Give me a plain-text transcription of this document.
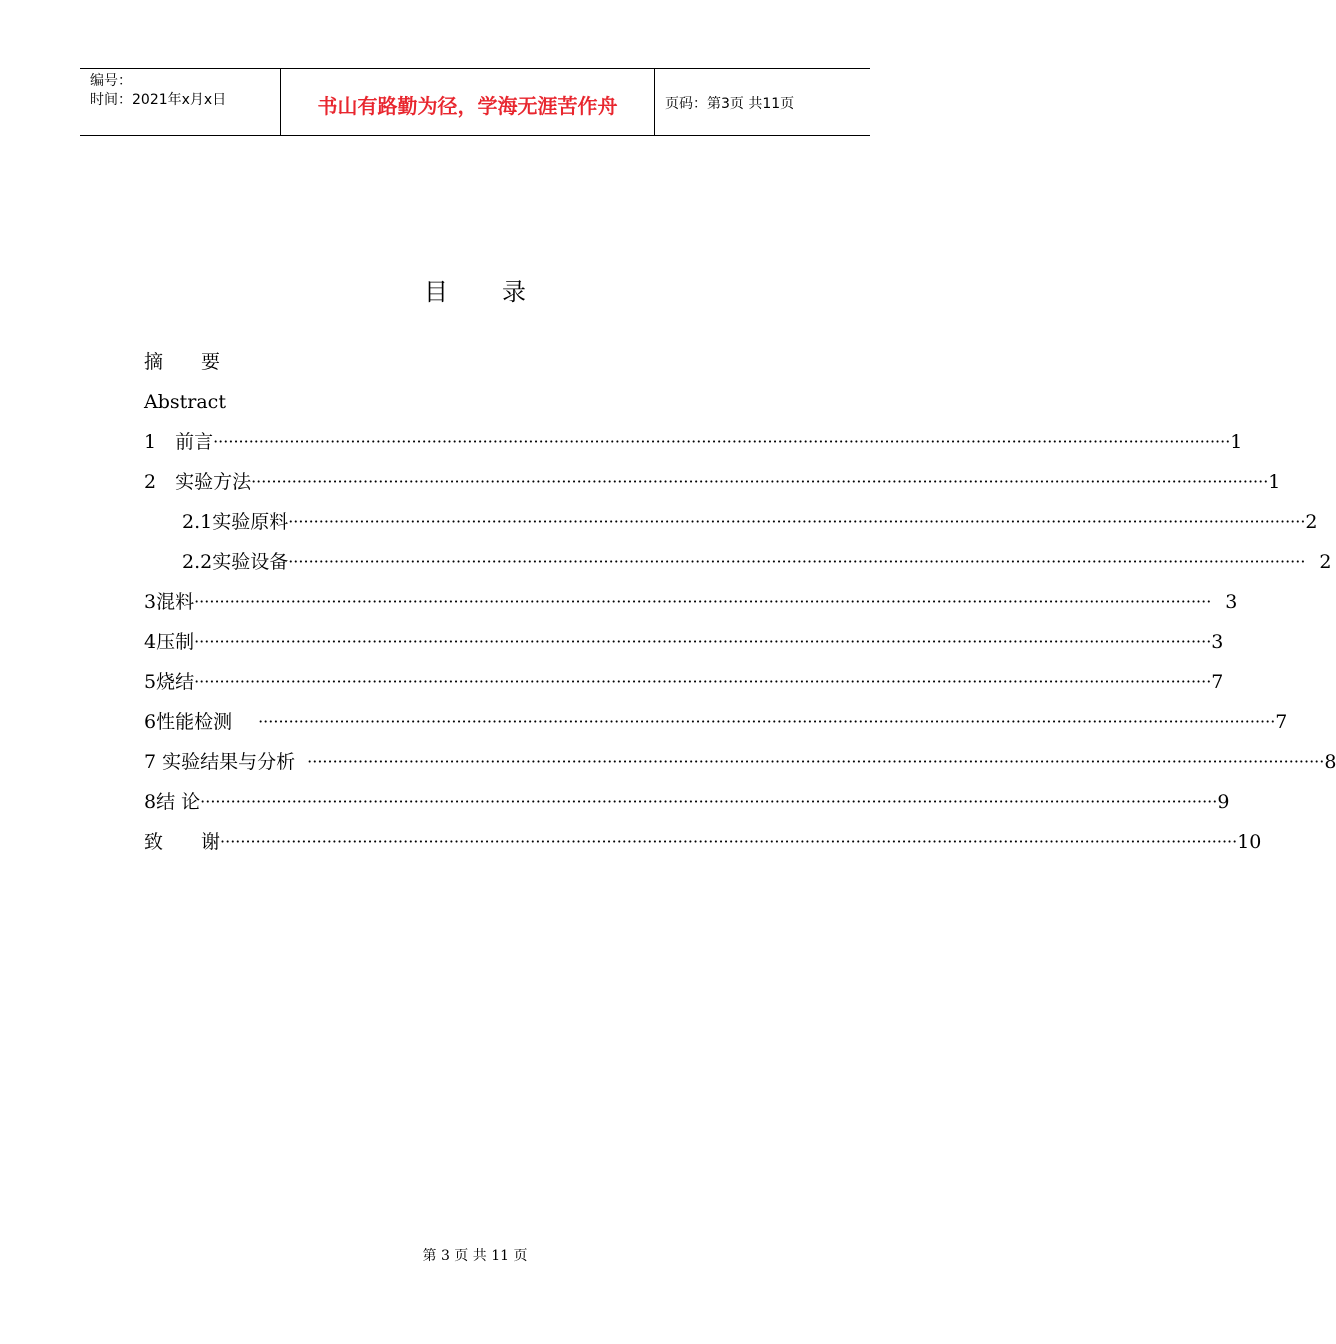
编号：
时间：2021年x月x日	书山有路勤为径，学海无涯苦作舟	页码：第3页 共11页
目 录
摘　　要
Abstract
1　前言 ········································································································································································································ 1
2　实验方法 ········································································································································································································ 1
2.1实验原料 ········································································································································································································ 2
2.2实验设备 ········································································································································································································ 2
3混料 ········································································································································································································ 3
4压制 ········································································································································································································ 3
5烧结 ········································································································································································································ 7
6性能检测 ········································································································································································································ 7
7 实验结果与分析 ········································································································································································································ 8
8结 论 ········································································································································································································ 9
致　　谢 ········································································································································································································ 10
第 3 页 共 11 页
